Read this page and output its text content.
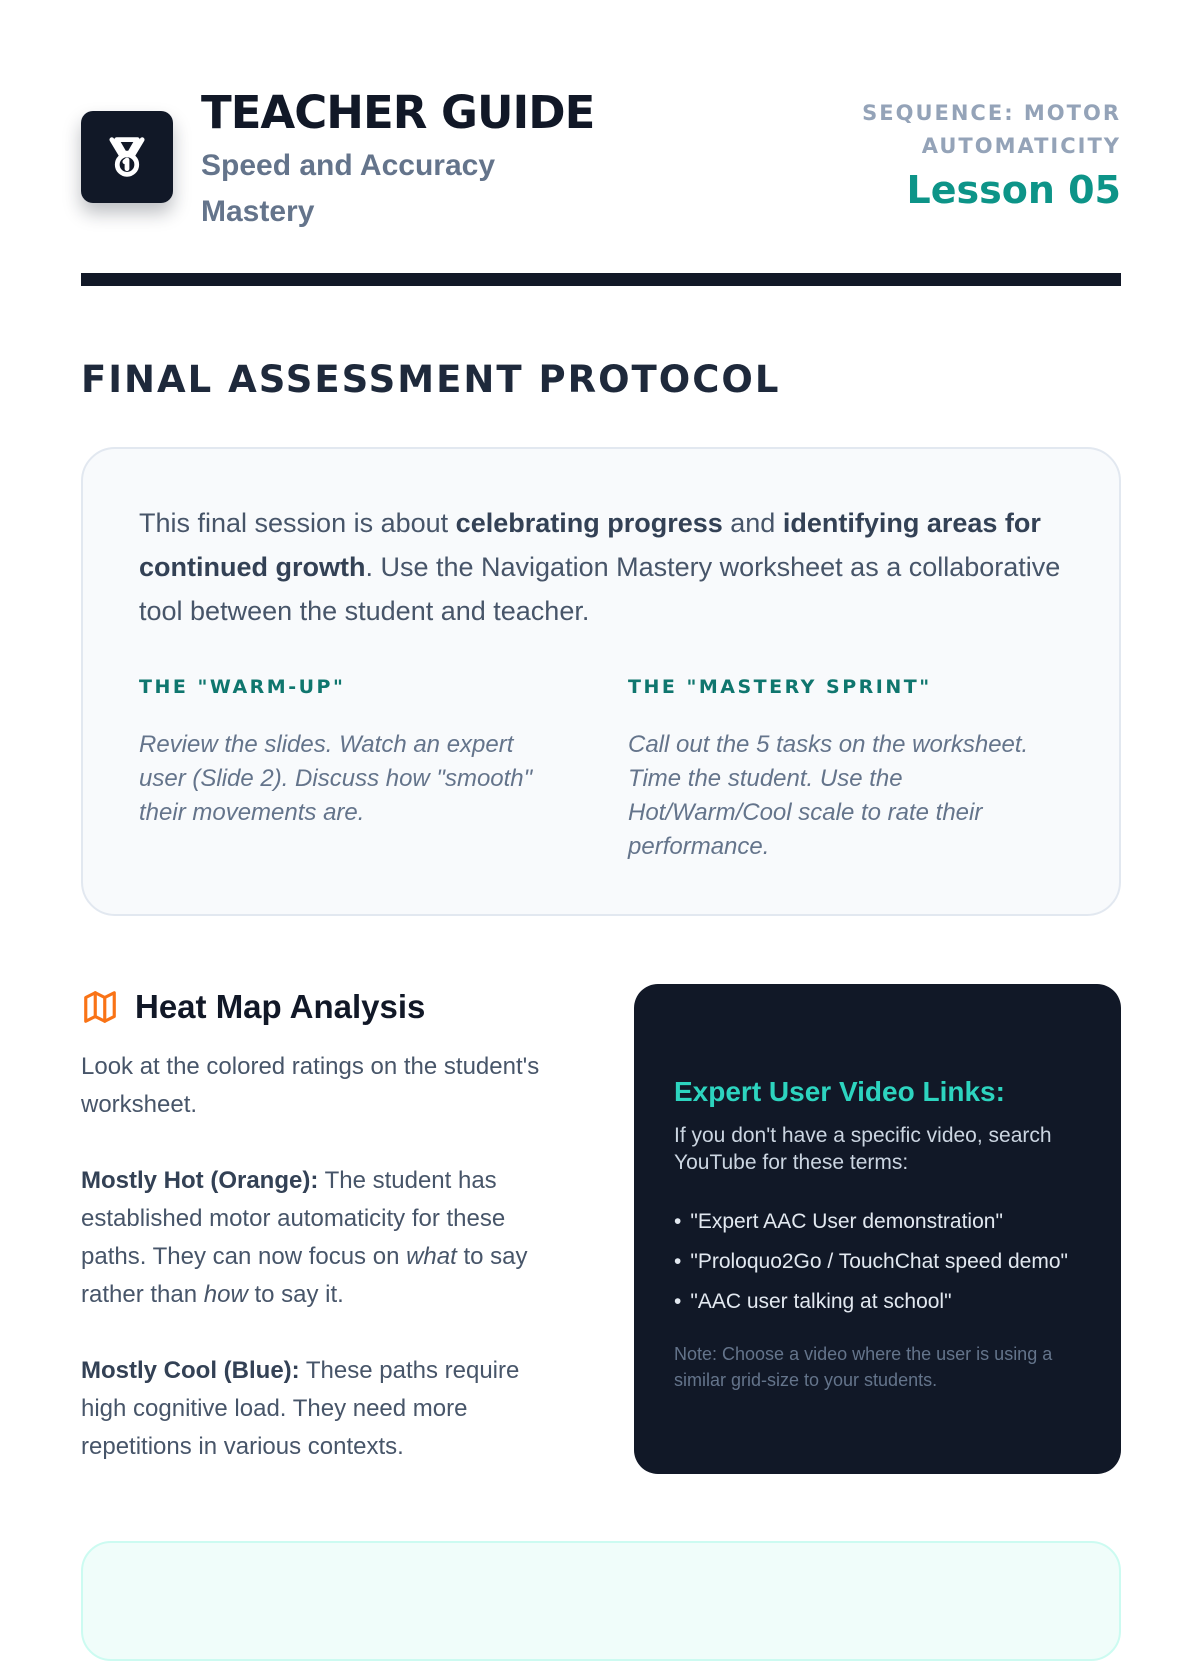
TEACHER GUIDE
Speed and Accuracy Mastery
SEQUENCE: MOTOR AUTOMATICITY
Lesson 05
FINAL ASSESSMENT PROTOCOL

This final session is about celebrating progress and identifying areas for continued growth. Use the Navigation Mastery worksheet as a collaborative tool between the student and teacher.

THE "WARM-UP"

Review the slides. Watch an expert user (Slide 2). Discuss how "smooth" their movements are.

THE "MASTERY SPRINT"

Call out the 5 tasks on the worksheet. Time the student. Use the Hot/Warm/Cool scale to rate their performance.

Heat Map Analysis

Look at the colored ratings on the student's worksheet.

Mostly Hot (Orange): The student has established motor automaticity for these paths. They can now focus on what to say rather than how to say it.

Mostly Cool (Blue): These paths require high cognitive load. They need more repetitions in various contexts.

Expert User Video Links:

If you don't have a specific video, search YouTube for these terms:

• "Expert AAC User demonstration"
• "Proloquo2Go / TouchChat speed demo"
• "AAC user talking at school"

Note: Choose a video where the user is using a similar grid-size to your students.
